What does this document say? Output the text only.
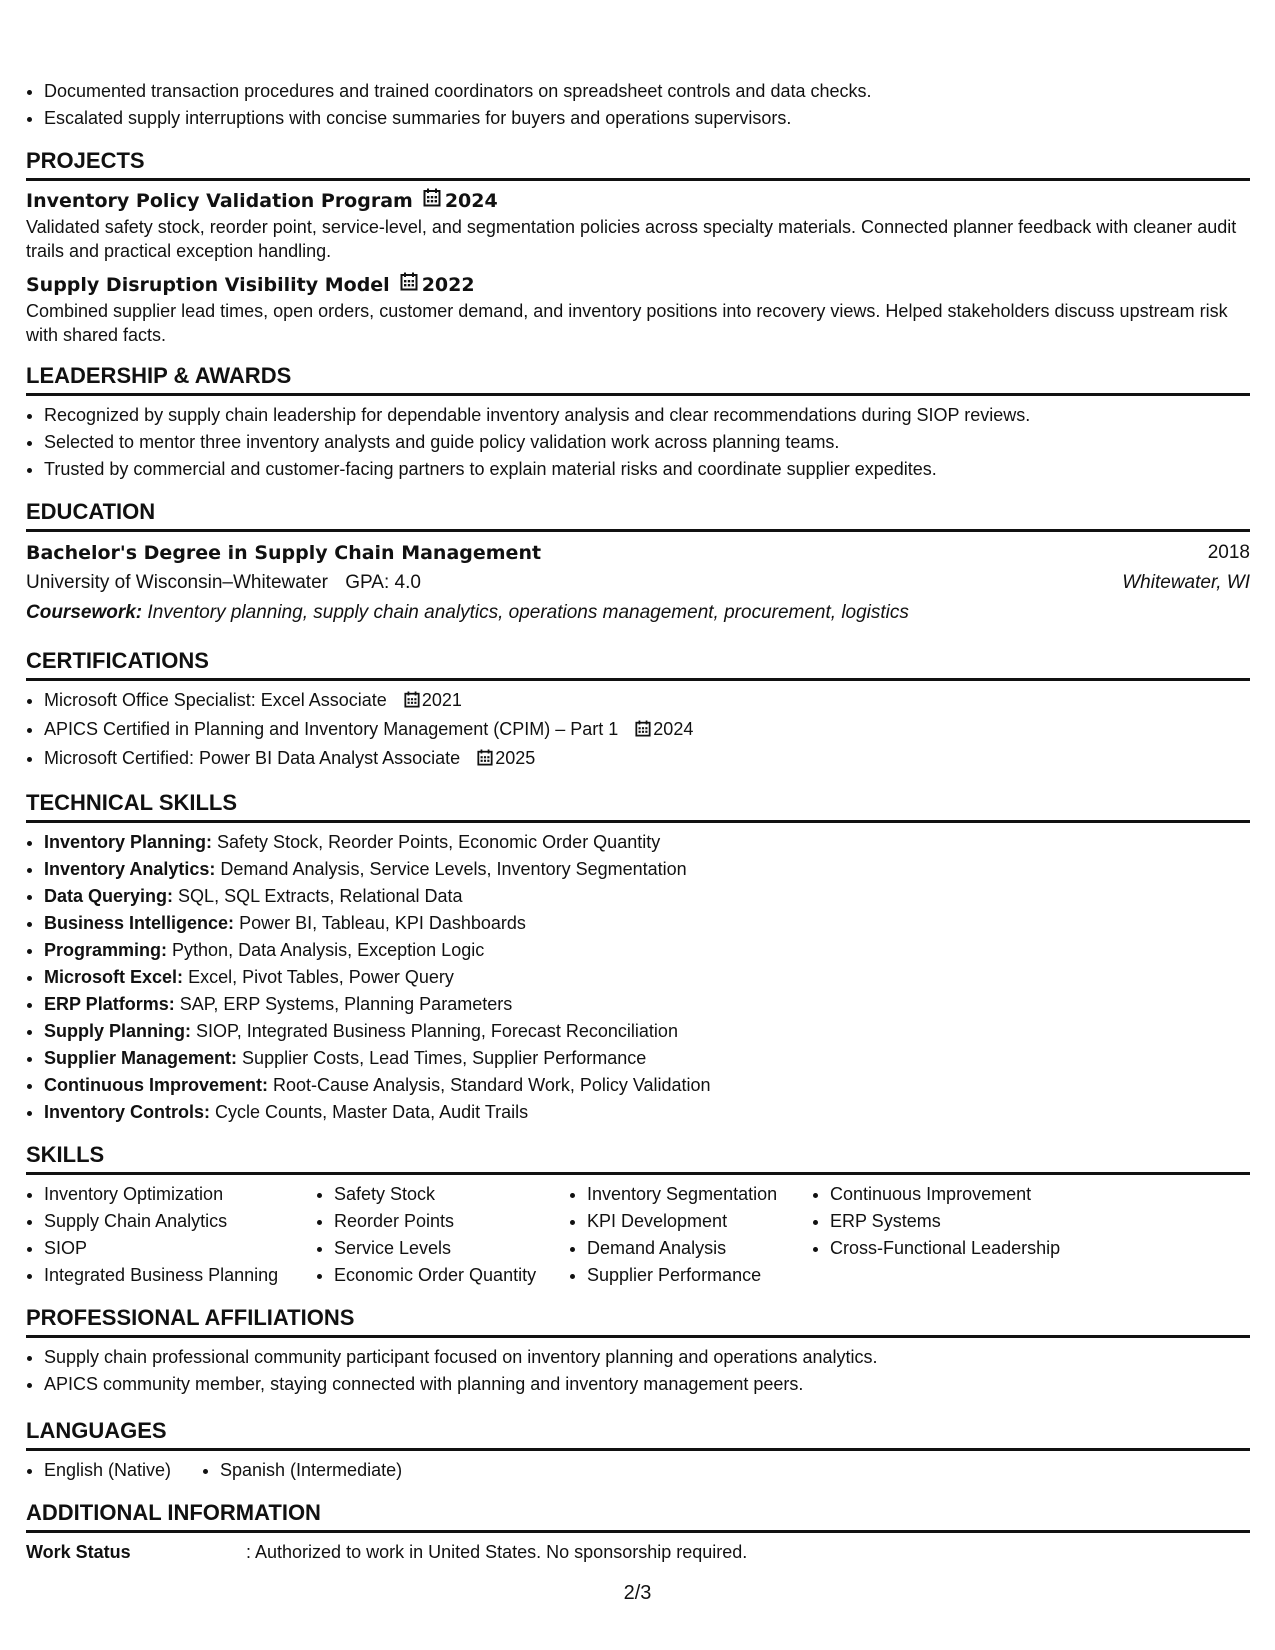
• Documented transaction procedures and trained coordinators on spreadsheet controls and data checks.
• Escalated supply interruptions with concise summaries for buyers and operations supervisors.
PROJECTS
Inventory Policy Validation Program 2024
Validated safety stock, reorder point, service-level, and segmentation policies across specialty materials. Connected planner feedback with cleaner audit trails and practical exception handling.
Supply Disruption Visibility Model 2022
Combined supplier lead times, open orders, customer demand, and inventory positions into recovery views. Helped stakeholders discuss upstream risk with shared facts.
LEADERSHIP & AWARDS
• Recognized by supply chain leadership for dependable inventory analysis and clear recommendations during SIOP reviews.
• Selected to mentor three inventory analysts and guide policy validation work across planning teams.
• Trusted by commercial and customer-facing partners to explain material risks and coordinate supplier expedites.
EDUCATION
Bachelor's Degree in Supply Chain Management	2018
University of Wisconsin–Whitewater GPA: 4.0	Whitewater, WI
Coursework: Inventory planning, supply chain analytics, operations management, procurement, logistics
CERTIFICATIONS
• Microsoft Office Specialist: Excel Associate 2021
• APICS Certified in Planning and Inventory Management (CPIM) – Part 1 2024
• Microsoft Certified: Power BI Data Analyst Associate 2025
TECHNICAL SKILLS
• Inventory Planning: Safety Stock, Reorder Points, Economic Order Quantity
• Inventory Analytics: Demand Analysis, Service Levels, Inventory Segmentation
• Data Querying: SQL, SQL Extracts, Relational Data
• Business Intelligence: Power BI, Tableau, KPI Dashboards
• Programming: Python, Data Analysis, Exception Logic
• Microsoft Excel: Excel, Pivot Tables, Power Query
• ERP Platforms: SAP, ERP Systems, Planning Parameters
• Supply Planning: SIOP, Integrated Business Planning, Forecast Reconciliation
• Supplier Management: Supplier Costs, Lead Times, Supplier Performance
• Continuous Improvement: Root-Cause Analysis, Standard Work, Policy Validation
• Inventory Controls: Cycle Counts, Master Data, Audit Trails
SKILLS
• Inventory Optimization
• Supply Chain Analytics
• SIOP
• Integrated Business Planning
• Safety Stock
• Reorder Points
• Service Levels
• Economic Order Quantity
• Inventory Segmentation
• KPI Development
• Demand Analysis
• Supplier Performance
• Continuous Improvement
• ERP Systems
• Cross-Functional Leadership
PROFESSIONAL AFFILIATIONS
• Supply chain professional community participant focused on inventory planning and operations analytics.
• APICS community member, staying connected with planning and inventory management peers.
LANGUAGES
• English (Native)
•	Spanish (Intermediate)
ADDITIONAL INFORMATION
Work Status	: Authorized to work in United States. No sponsorship required.
2/3
